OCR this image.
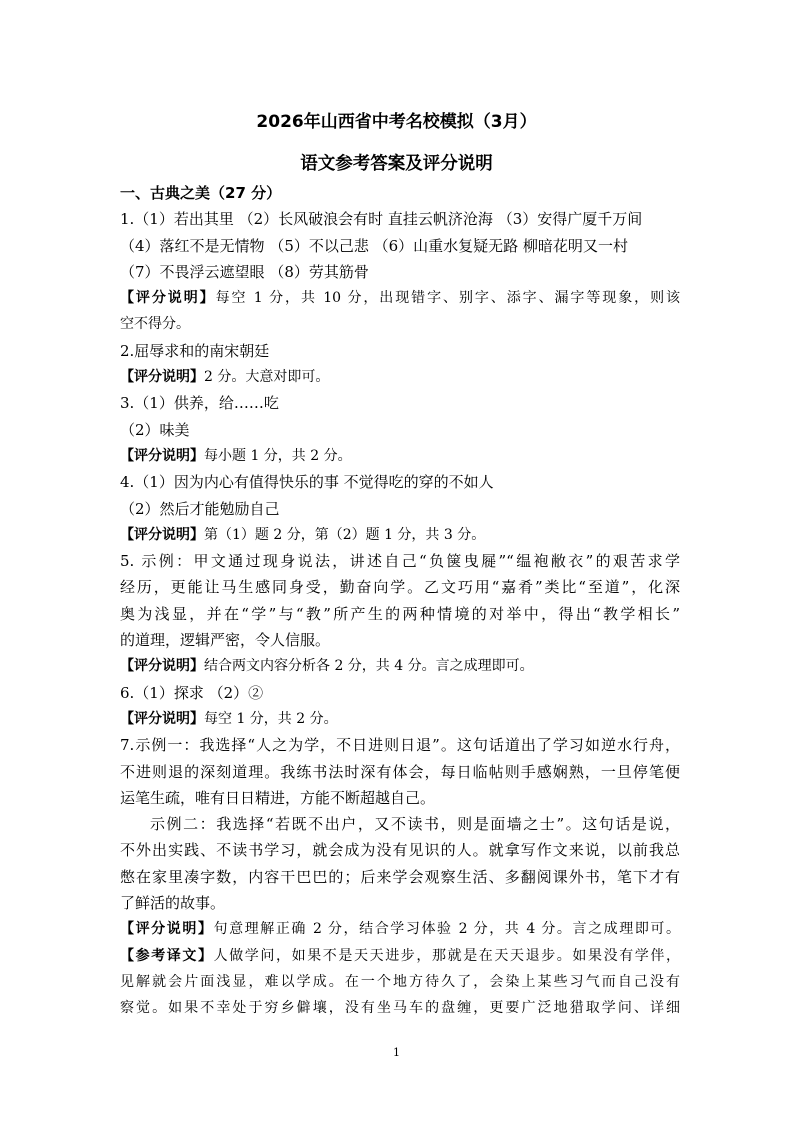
2026年山西省中考名校模拟（3月）
语文参考答案及评分说明
一、古典之美（27 分）
1.（1）若出其里 （2）长风破浪会有时 直挂云帆济沧海 （3）安得广厦千万间
（4）落红不是无情物 （5）不以己悲 （6）山重水复疑无路 柳暗花明又一村
（7）不畏浮云遮望眼 （8）劳其筋骨
【评分说明】每空 1 分，共 10 分，出现错字、别字、添字、漏字等现象，则该
空不得分。
2.屈辱求和的南宋朝廷
【评分说明】2 分。大意对即可。
3.（1）供养，给……吃
（2）味美
【评分说明】每小题 1 分，共 2 分。
4.（1）因为内心有值得快乐的事 不觉得吃的穿的不如人
（2）然后才能勉励自己
【评分说明】第（1）题 2 分，第（2）题 1 分，共 3 分。
5. 示例：甲文通过现身说法，讲述自己“负箧曳屣”“缊袍敝衣”的艰苦求学
经历，更能让马生感同身受，勤奋向学。乙文巧用“嘉肴”类比“至道”，化深
奥为浅显，并在“学”与“教”所产生的两种情境的对举中，得出“教学相长”
的道理，逻辑严密，令人信服。
【评分说明】结合两文内容分析各 2 分，共 4 分。言之成理即可。
6.（1）探求 （2）②
【评分说明】每空 1 分，共 2 分。
7.示例一：我选择“人之为学，不日进则日退”。这句话道出了学习如逆水行舟，
不进则退的深刻道理。我练书法时深有体会，每日临帖则手感娴熟，一旦停笔便
运笔生疏，唯有日日精进，方能不断超越自己。
示例二：我选择“若既不出户，又不读书，则是面墙之士”。这句话是说，
不外出实践、不读书学习，就会成为没有见识的人。就拿写作文来说，以前我总
憋在家里凑字数，内容干巴巴的；后来学会观察生活、多翻阅课外书，笔下才有
了鲜活的故事。
【评分说明】句意理解正确 2 分，结合学习体验 2 分，共 4 分。言之成理即可。
【参考译文】人做学问，如果不是天天进步，那就是在天天退步。如果没有学伴，
见解就会片面浅显，难以学成。在一个地方待久了，会染上某些习气而自己没有
察觉。如果不幸处于穷乡僻壤，没有坐马车的盘缠，更要广泛地猎取学问、详细
1
